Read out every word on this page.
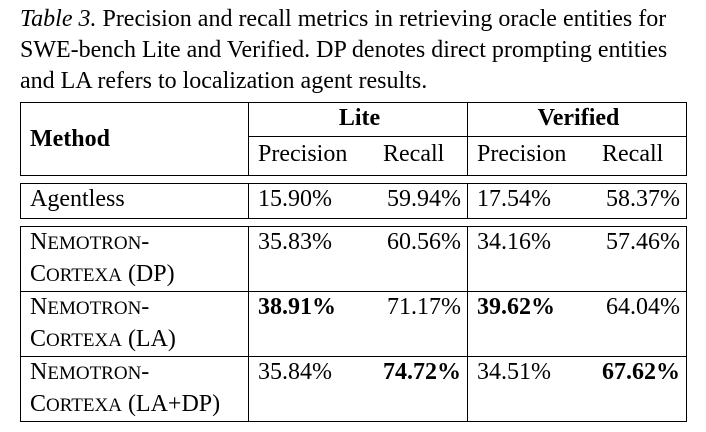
Table 3. Precision and recall metrics in retrieving oracle entities for SWE-bench Lite and Verified. DP denotes direct prompting entities and LA refers to localization agent results.

Method	Lite		Verified	
	Precision	Recall	Precision	Recall

Agentless	15.90%	59.94%	17.54%	58.37%

NEMOTRON-
CORTEXA (DP)	35.83%	60.56%	34.16%	57.46%

NEMOTRON-
CORTEXA (LA)	38.91%	71.17%	39.62%	64.04%

NEMOTRON-
CORTEXA (LA+DP)	35.84%	74.72%	34.51%	67.62%
